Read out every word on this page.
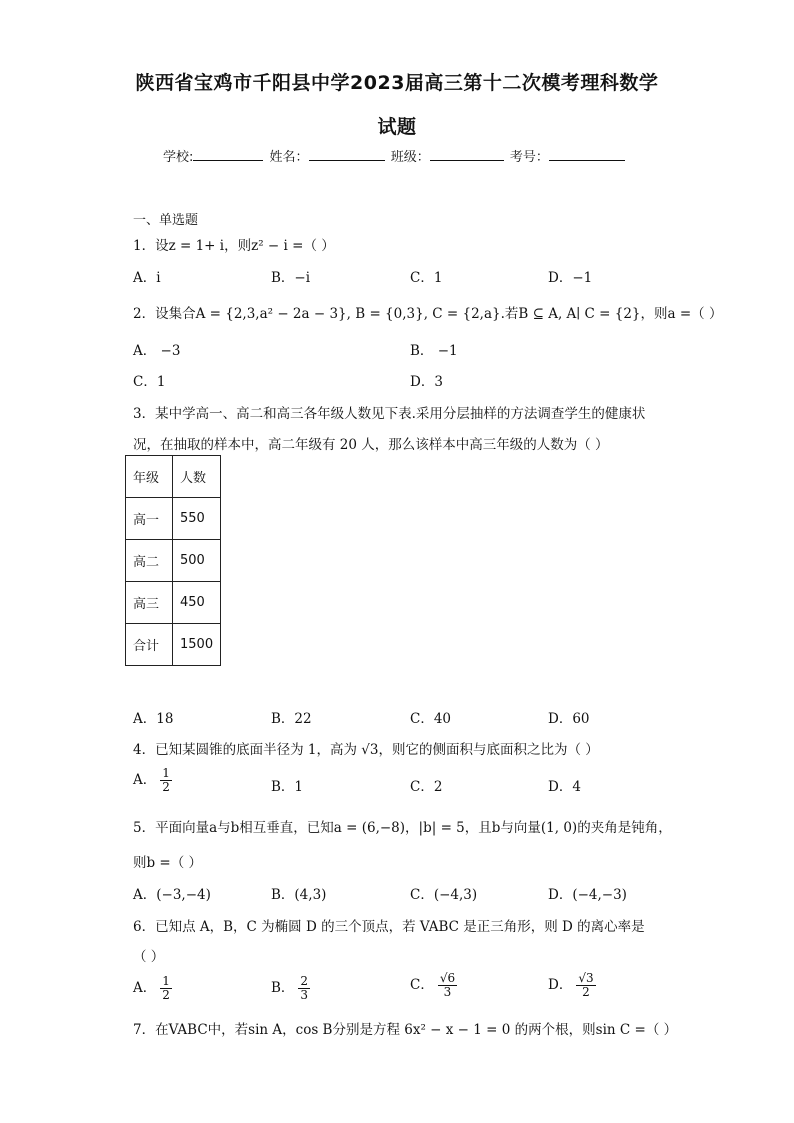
陕西省宝鸡市千阳县中学2023届高三第十二次模考理科数学
试题
学校:	姓名：	班级：	考号：
一、单选题
1．设z = 1+ i，则z² − i =（ ）
A．i	B．−i	C．1	D．−1
2．设集合A = {2,3,a² − 2a − 3}, B = {0,3}, C = {2,a}.若B ⊆ A, A∣ C = {2}，则a =（ ）
A． −3	B． −1
C．1	D．3
3．某中学高一、高二和高三各年级人数见下表.采用分层抽样的方法调查学生的健康状
况，在抽取的样本中，高二年级有 20 人，那么该样本中高三年级的人数为（ ）
年级	人数
高一	550
高二	500
高三	450
合计	1500
A．18	B．22	C．40	D．60
4．已知某圆锥的底面半径为 1，高为 √3，则它的侧面积与底面积之比为（ ）
A． $\frac{1}{2}$	B．1	C．2	D．4
5．平面向量a与b相互垂直，已知a = (6,−8)，|b| = 5，且b与向量(1, 0)的夹角是钝角，
则b =（ ）
A．(−3,−4)	B．(4,3)	C．(−4,3)	D．(−4,−3)
6．已知点 A，B，C 为椭圆 D 的三个顶点，若 VABC 是正三角形，则 D 的离心率是
（ ）
A． $\frac{1}{2}$	B． $\frac{2}{3}$	C． $\frac{√6}{3}$	D． $\frac{√3}{2}$
7．在VABC中，若sin A，cos B分别是方程 6x² − x − 1 = 0 的两个根，则sin C =（ ）
